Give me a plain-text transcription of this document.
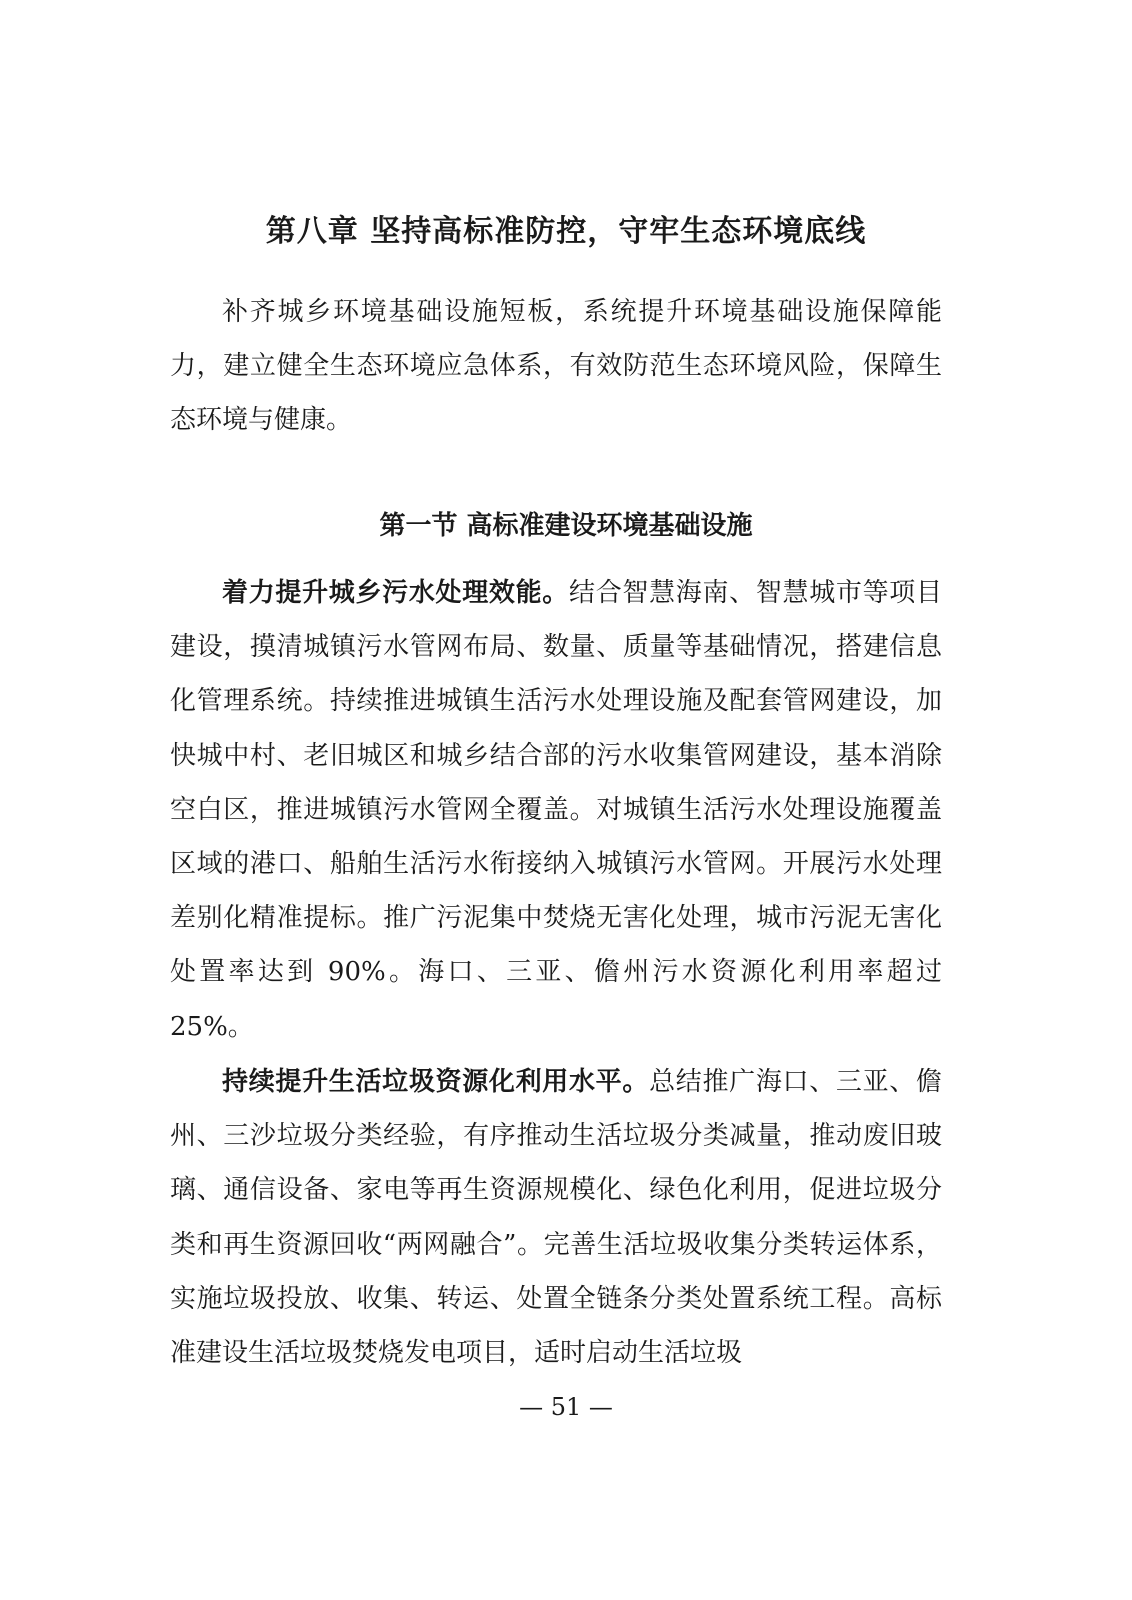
第八章 坚持高标准防控，守牢生态环境底线

补齐城乡环境基础设施短板，系统提升环境基础设施保障能力，建立健全生态环境应急体系，有效防范生态环境风险，保障生态环境与健康。

第一节 高标准建设环境基础设施

着力提升城乡污水处理效能。结合智慧海南、智慧城市等项目建设，摸清城镇污水管网布局、数量、质量等基础情况，搭建信息化管理系统。持续推进城镇生活污水处理设施及配套管网建设，加快城中村、老旧城区和城乡结合部的污水收集管网建设，基本消除空白区，推进城镇污水管网全覆盖。对城镇生活污水处理设施覆盖区域的港口、船舶生活污水衔接纳入城镇污水管网。开展污水处理差别化精准提标。推广污泥集中焚烧无害化处理，城市污泥无害化处置率达到 90%。海口、三亚、儋州污水资源化利用率超过 25%。

持续提升生活垃圾资源化利用水平。总结推广海口、三亚、儋州、三沙垃圾分类经验，有序推动生活垃圾分类减量，推动废旧玻璃、通信设备、家电等再生资源规模化、绿色化利用，促进垃圾分类和再生资源回收“两网融合”。完善生活垃圾收集分类转运体系，实施垃圾投放、收集、转运、处置全链条分类处置系统工程。高标准建设生活垃圾焚烧发电项目，适时启动生活垃圾

— 51 —
